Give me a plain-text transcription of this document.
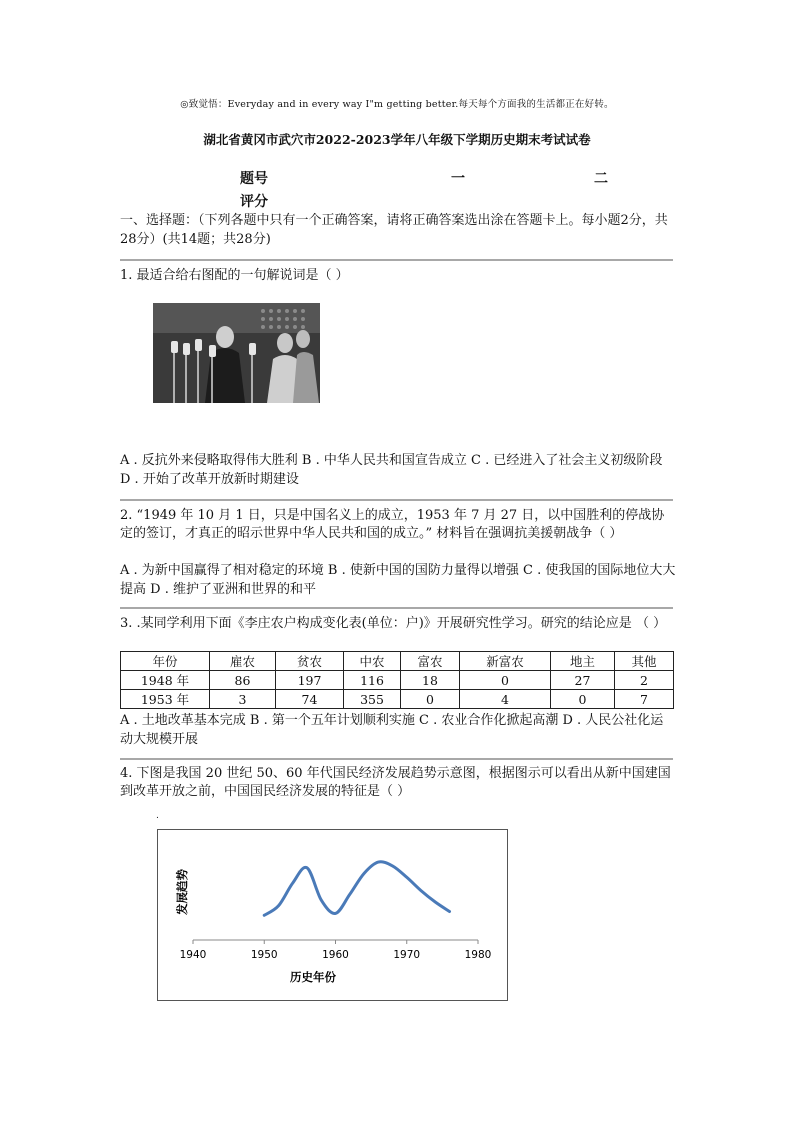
◎致觉悟：Everyday and in every way I"m getting better.每天每个方面我的生活都正在好转。
湖北省黄冈市武穴市2022-2023学年八年级下学期历史期末考试试卷
题号	一	二
评分
一、选择题：（下列各题中只有一个正确答案，请将正确答案选出涂在答题卡上。每小题2分，共28分）(共14题；共28分)
1. 最适合给右图配的一句解说词是（ ）
A . 反抗外来侵略取得伟大胜利 B . 中华人民共和国宣告成立 C . 已经进入了社会主义初级阶段 D . 开始了改革开放新时期建设
2. “1949 年 10 月 1 日，只是中国名义上的成立，1953 年 7 月 27 日，以中国胜利的停战协定的签订，才真正的昭示世界中华人民共和国的成立。” 材料旨在强调抗美援朝战争（ ）
A . 为新中国赢得了相对稳定的环境 B . 使新中国的国防力量得以增强 C . 使我国的国际地位大大提高 D . 维护了亚洲和世界的和平
3. .某同学利用下面《李庄农户构成变化表(单位：户)》开展研究性学习。研究的结论应是 （ ）
年份	雇农	贫农	中农	富农	新富农	地主	其他
1948 年	86	197	116	18	0	27	2
1953 年	3	74	355	0	4	0	7
A . 土地改革基本完成 B . 第一个五年计划顺利实施 C . 农业合作化掀起高潮 D . 人民公社化运动大规模开展
4. 下图是我国 20 世纪 50、60 年代国民经济发展趋势示意图，根据图示可以看出从新中国建国到改革开放之前，中国国民经济发展的特征是（ ）
.
1940	1950	1960	1970	1980
历史年份
发展趋势
